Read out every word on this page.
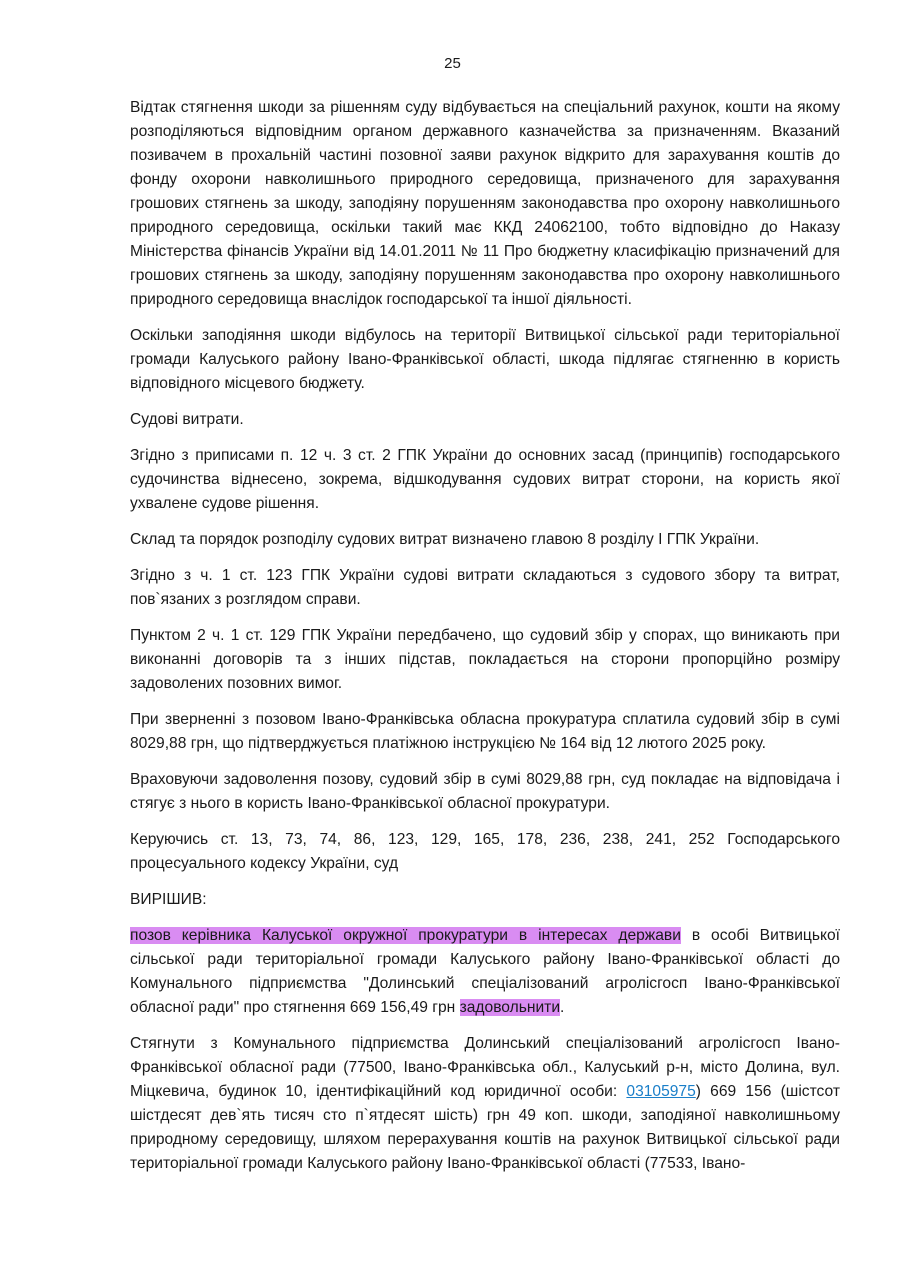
25

Відтак стягнення шкоди за рішенням суду відбувається на спеціальний рахунок, кошти на якому розподіляються відповідним органом державного казначейства за призначенням. Вказаний позивачем в прохальній частині позовної заяви рахунок відкрито для зарахування коштів до фонду охорони навколишнього природного середовища, призначеного для зарахування грошових стягнень за шкоду, заподіяну порушенням законодавства про охорону навколишнього природного середовища, оскільки такий має ККД 24062100, тобто відповідно до Наказу Міністерства фінансів України від 14.01.2011 № 11 Про бюджетну класифікацію призначений для грошових стягнень за шкоду, заподіяну порушенням законодавства про охорону навколишнього природного середовища внаслідок господарської та іншої діяльності.

Оскільки заподіяння шкоди відбулось на території Витвицької сільської ради територіальної громади Калуського району Івано-Франківської області, шкода підлягає стягненню в користь відповідного місцевого бюджету.

Судові витрати.

Згідно з приписами п. 12 ч. 3 ст. 2 ГПК України до основних засад (принципів) господарського судочинства віднесено, зокрема, відшкодування судових витрат сторони, на користь якої ухвалене судове рішення.

Склад та порядок розподілу судових витрат визначено главою 8 розділу I ГПК України.

Згідно з ч. 1 ст. 123 ГПК України судові витрати складаються з судового збору та витрат, пов`язаних з розглядом справи.

Пунктом 2 ч. 1 ст. 129 ГПК України передбачено, що судовий збір у спорах, що виникають при виконанні договорів та з інших підстав, покладається на сторони пропорційно розміру задоволених позовних вимог.

При зверненні з позовом Івано-Франківська обласна прокуратура сплатила судовий збір в сумі 8029,88 грн, що підтверджується платіжною інструкцією № 164 від 12 лютого 2025 року.

Враховуючи задоволення позову, судовий збір в сумі 8029,88 грн, суд покладає на відповідача і стягує з нього в користь Івано-Франківської обласної прокуратури.

Керуючись ст. 13, 73, 74, 86, 123, 129, 165, 178, 236, 238, 241, 252 Господарського процесуального кодексу України, суд

ВИРІШИВ:

позов керівника Калуської окружної прокуратури в інтересах держави в особі Витвицької сільської ради територіальної громади Калуського району Івано-Франківської області до Комунального підприємства "Долинський спеціалізований агролісгосп Івано-Франківської обласної ради" про стягнення 669 156,49 грн задовольнити.

Стягнути з Комунального підприємства Долинський спеціалізований агролісгосп Івано-Франківської обласної ради (77500, Івано-Франківська обл., Калуський р-н, місто Долина, вул. Міцкевича, будинок 10, ідентифікаційний код юридичної особи: 03105975) 669 156 (шістсот шістдесят дев`ять тисяч сто п`ятдесят шість) грн 49 коп. шкоди, заподіяної навколишньому природному середовищу, шляхом перерахування коштів на рахунок Витвицької сільської ради територіальної громади Калуського району Івано-Франківської області (77533, Івано-
